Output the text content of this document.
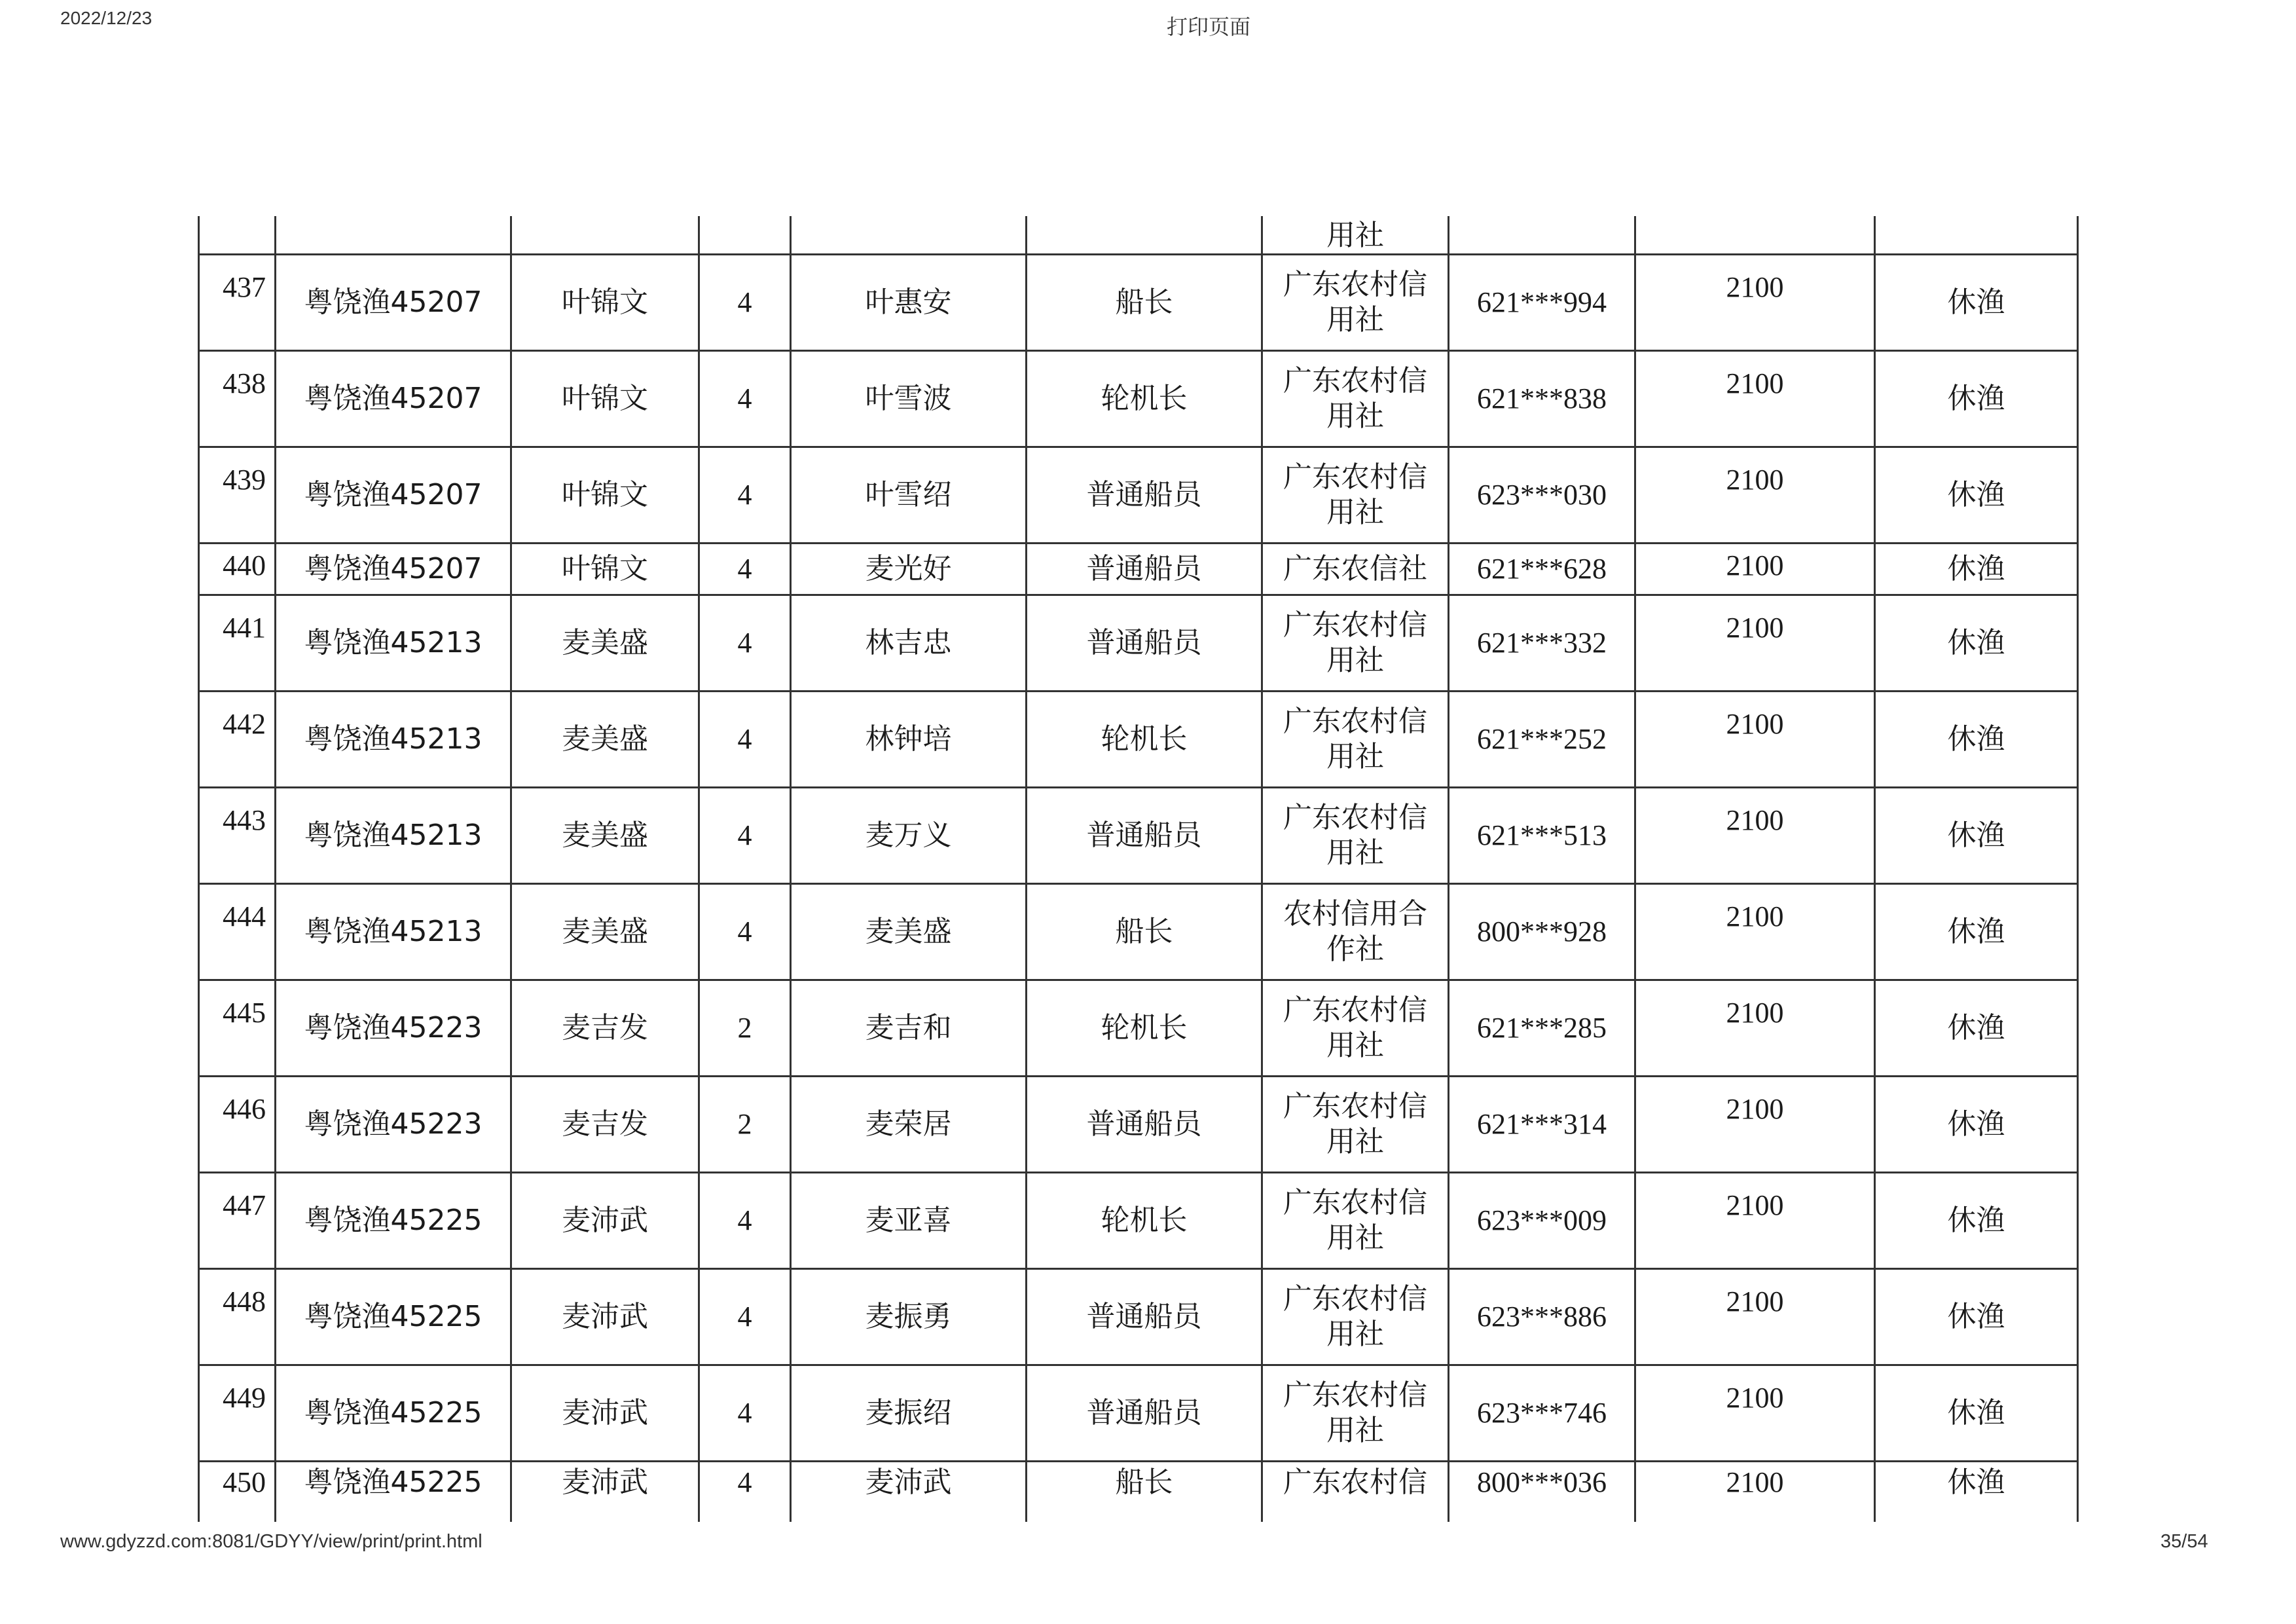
2022/12/23	打印页面
						用社			
437	粤饶渔45207	叶锦文	4	叶惠安	船长	广东农村信
用社	621***994	2100	休渔
438	粤饶渔45207	叶锦文	4	叶雪波	轮机长	广东农村信
用社	621***838	2100	休渔
439	粤饶渔45207	叶锦文	4	叶雪绍	普通船员	广东农村信
用社	623***030	2100	休渔
440	粤饶渔45207	叶锦文	4	麦光好	普通船员	广东农信社	621***628	2100	休渔
441	粤饶渔45213	麦美盛	4	林吉忠	普通船员	广东农村信
用社	621***332	2100	休渔
442	粤饶渔45213	麦美盛	4	林钟培	轮机长	广东农村信
用社	621***252	2100	休渔
443	粤饶渔45213	麦美盛	4	麦万义	普通船员	广东农村信
用社	621***513	2100	休渔
444	粤饶渔45213	麦美盛	4	麦美盛	船长	农村信用合
作社	800***928	2100	休渔
445	粤饶渔45223	麦吉发	2	麦吉和	轮机长	广东农村信
用社	621***285	2100	休渔
446	粤饶渔45223	麦吉发	2	麦荣居	普通船员	广东农村信
用社	621***314	2100	休渔
447	粤饶渔45225	麦沛武	4	麦亚喜	轮机长	广东农村信
用社	623***009	2100	休渔
448	粤饶渔45225	麦沛武	4	麦振勇	普通船员	广东农村信
用社	623***886	2100	休渔
449	粤饶渔45225	麦沛武	4	麦振绍	普通船员	广东农村信
用社	623***746	2100	休渔
450	粤饶渔45225	麦沛武	4	麦沛武	船长	广东农村信	800***036	2100	休渔
www.gdyzzd.com:8081/GDYY/view/print/print.html	35/54
